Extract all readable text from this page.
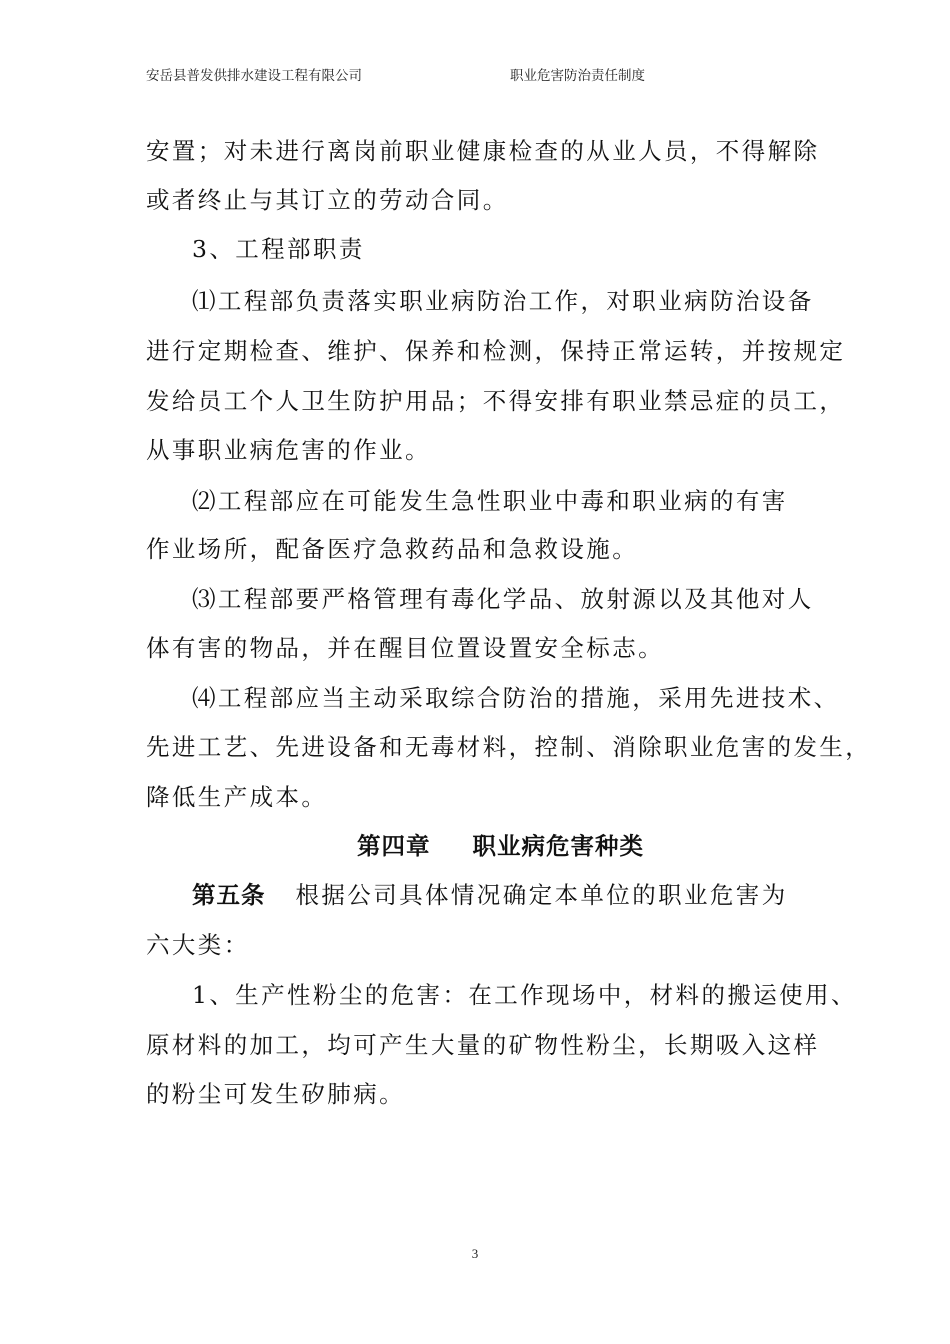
安岳县普发供排水建设工程有限公司	职业危害防治责任制度
安置；对未进行离岗前职业健康检查的从业人员，不得解除
或者终止与其订立的劳动合同。
3、工程部职责
⑴工程部负责落实职业病防治工作，对职业病防治设备
进行定期检查、维护、保养和检测，保持正常运转，并按规定
发给员工个人卫生防护用品；不得安排有职业禁忌症的员工，
从事职业病危害的作业。
⑵工程部应在可能发生急性职业中毒和职业病的有害
作业场所，配备医疗急救药品和急救设施。
⑶工程部要严格管理有毒化学品、放射源以及其他对人
体有害的物品，并在醒目位置设置安全标志。
⑷工程部应当主动采取综合防治的措施，采用先进技术、
先进工艺、先进设备和无毒材料，控制、消除职业危害的发生，
降低生产成本。
第五条 根据公司具体情况确定本单位的职业危害为
六大类：
1、生产性粉尘的危害：在工作现场中，材料的搬运使用、
原材料的加工，均可产生大量的矿物性粉尘，长期吸入这样
的粉尘可发生矽肺病。
第四章 职业病危害种类
3
